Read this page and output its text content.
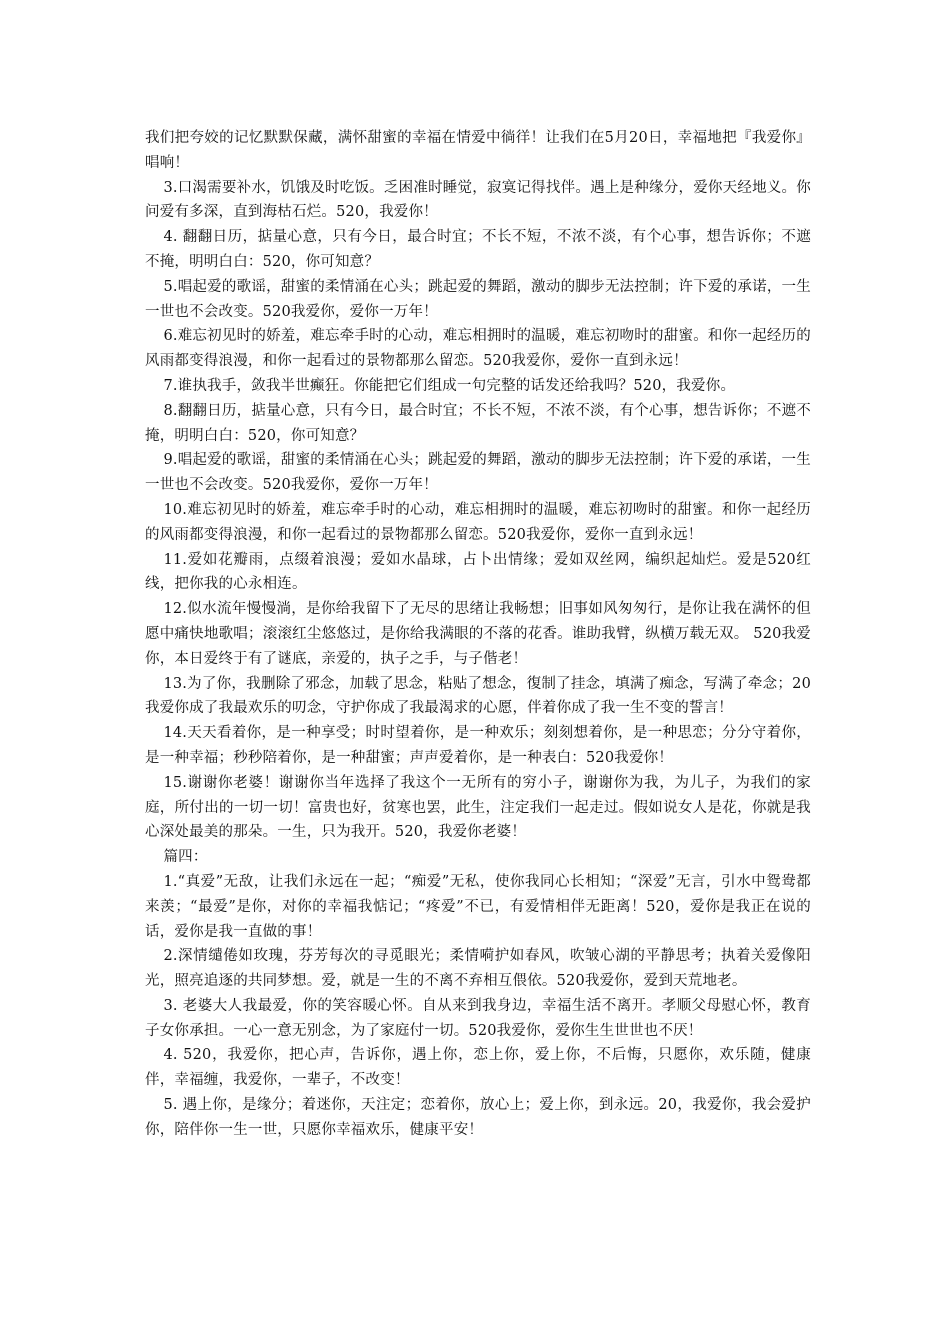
我们把夸姣的记忆默默保藏，满怀甜蜜的幸福在情爱中徜徉！让我们在5月20日，幸福地把『我爱你』唱响！

3.口渴需要补水，饥饿及时吃饭。乏困准时睡觉，寂寞记得找伴。遇上是种缘分，爱你天经地义。你问爱有多深，直到海枯石烂。520，我爱你！

4. 翻翻日历，掂量心意，只有今日，最合时宜；不长不短，不浓不淡，有个心事，想告诉你；不遮不掩，明明白白：520，你可知意？

5.唱起爱的歌谣，甜蜜的柔情涌在心头；跳起爱的舞蹈，激动的脚步无法控制；许下爱的承诺，一生一世也不会改变。520我爱你，爱你一万年！

6.难忘初见时的娇羞，难忘牵手时的心动，难忘相拥时的温暖，难忘初吻时的甜蜜。和你一起经历的风雨都变得浪漫，和你一起看过的景物都那么留恋。520我爱你，爱你一直到永远！

7.谁执我手，敛我半世癫狂。你能把它们组成一句完整的话发还给我吗？520，我爱你。

8.翻翻日历，掂量心意，只有今日，最合时宜；不长不短，不浓不淡，有个心事，想告诉你；不遮不掩，明明白白：520，你可知意？

9.唱起爱的歌谣，甜蜜的柔情涌在心头；跳起爱的舞蹈，激动的脚步无法控制；许下爱的承诺，一生一世也不会改变。520我爱你，爱你一万年！

10.难忘初见时的娇羞，难忘牵手时的心动，难忘相拥时的温暖，难忘初吻时的甜蜜。和你一起经历的风雨都变得浪漫，和你一起看过的景物都那么留恋。520我爱你，爱你一直到永远！

11.爱如花瓣雨，点缀着浪漫；爱如水晶球，占卜出情缘；爱如双丝网，编织起灿烂。爱是520红线，把你我的心永相连。

12.似水流年慢慢淌，是你给我留下了无尽的思绪让我畅想；旧事如风匆匆行，是你让我在满怀的但愿中痛快地歌唱；滚滚红尘悠悠过，是你给我满眼的不落的花香。谁助我臂，纵横万载无双。 520我爱你，本日爱终于有了谜底，亲爱的，执子之手，与子偕老！

13.为了你，我删除了邪念，加载了思念，粘贴了想念，復制了挂念，填满了痴念，写满了牵念；20我爱你成了我最欢乐的叨念，守护你成了我最渴求的心愿，伴着你成了我一生不变的誓言！

14.天天看着你，是一种享受；时时望着你，是一种欢乐；刻刻想着你，是一种思恋；分分守着你，是一种幸福；秒秒陪着你，是一种甜蜜；声声爱着你，是一种表白：520我爱你！

15.谢谢你老婆！谢谢你当年选择了我这个一无所有的穷小子，谢谢你为我，为儿子，为我们的家庭，所付出的一切一切！富贵也好，贫寒也罢，此生，注定我们一起走过。假如说女人是花，你就是我心深处最美的那朵。一生，只为我开。520，我爱你老婆！

篇四：

1.“真爱”无敌，让我们永远在一起；“痴爱”无私，使你我同心长相知；“深爱”无言，引水中鸳鸯都来羡；“最爱”是你，对你的幸福我惦记；“疼爱”不已，有爱情相伴无距离！520，爱你是我正在说的话，爱你是我一直做的事！

2.深情缱倦如玫瑰，芬芳每次的寻觅眼光；柔情嗬护如春风，吹皱心湖的平静思考；执着关爱像阳光，照亮追逐的共同梦想。爱，就是一生的不离不弃相互偎依。520我爱你，爱到天荒地老。

3. 老婆大人我最爱，你的笑容暖心怀。自从来到我身边，幸福生活不离开。孝顺父母慰心怀，教育子女你承担。一心一意无别念，为了家庭付一切。520我爱你，爱你生生世世也不厌！

4. 520，我爱你，把心声，告诉你，遇上你，恋上你，爱上你，不后悔，只愿你，欢乐随，健康伴，幸福缠，我爱你，一辈子，不改变！

5. 遇上你，是缘分；着迷你，天注定；恋着你，放心上；爱上你，到永远。20，我爱你，我会爱护你，陪伴你一生一世，只愿你幸福欢乐，健康平安！
